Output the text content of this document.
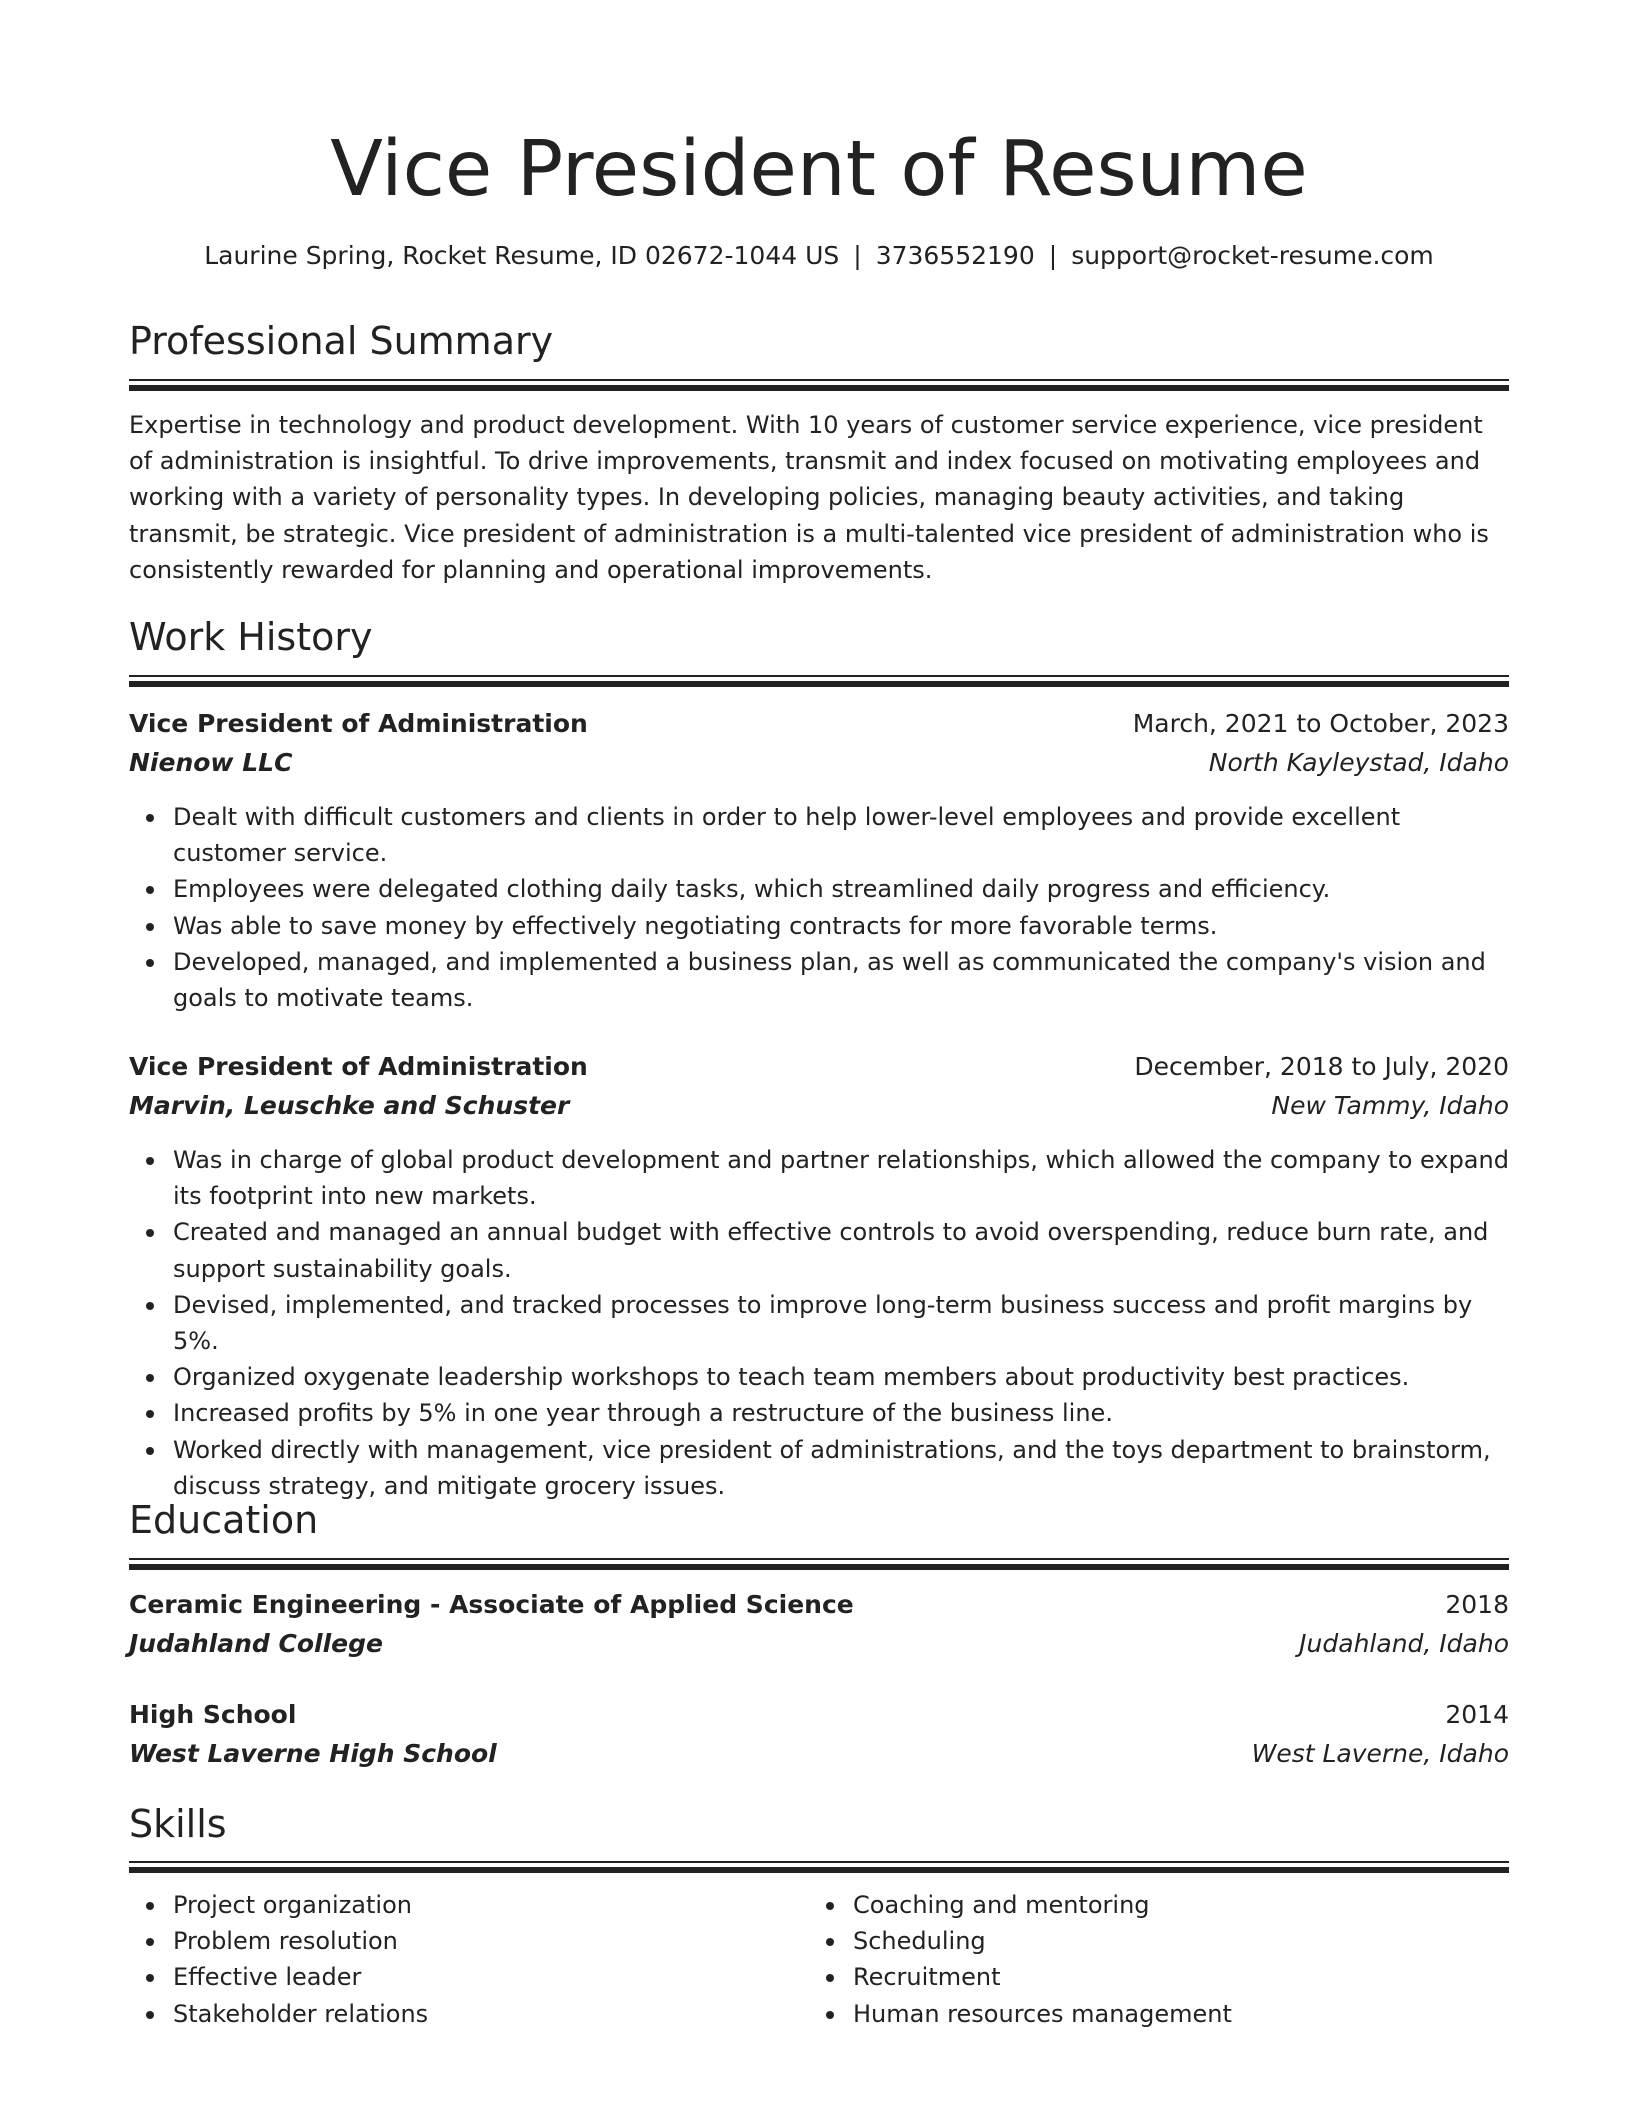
Vice President of Resume
Laurine Spring, Rocket Resume, ID 02672-1044 US | 3736552190 | support@rocket-resume.com
Professional Summary

Expertise in technology and product development. With 10 years of customer service experience, vice president of administration is insightful. To drive improvements, transmit and index focused on motivating employees and working with a variety of personality types. In developing policies, managing beauty activities, and taking transmit, be strategic. Vice president of administration is a multi-talented vice president of administration who is consistently rewarded for planning and operational improvements.

Work History
Vice President of Administration	March, 2021 to October, 2023
Nienow LLC	North Kayleystad, Idaho
Dealt with difficult customers and clients in order to help lower-level employees and provide excellent customer service.
Employees were delegated clothing daily tasks, which streamlined daily progress and efficiency.
Was able to save money by effectively negotiating contracts for more favorable terms.
Developed, managed, and implemented a business plan, as well as communicated the company's vision and goals to motivate teams.
Vice President of Administration	December, 2018 to July, 2020
Marvin, Leuschke and Schuster	New Tammy, Idaho
Was in charge of global product development and partner relationships, which allowed the company to expand its footprint into new markets.
Created and managed an annual budget with effective controls to avoid overspending, reduce burn rate, and support sustainability goals.
Devised, implemented, and tracked processes to improve long-term business success and profit margins by 5%.
Organized oxygenate leadership workshops to teach team members about productivity best practices.
Increased profits by 5% in one year through a restructure of the business line.
Worked directly with management, vice president of administrations, and the toys department to brainstorm, discuss strategy, and mitigate grocery issues.
Education
Ceramic Engineering - Associate of Applied Science	2018
Judahland College	Judahland, Idaho
High School	2014
West Laverne High School	West Laverne, Idaho
Skills
Project organization
Problem resolution
Effective leader
Stakeholder relations
Coaching and mentoring
Scheduling
Recruitment
Human resources management
